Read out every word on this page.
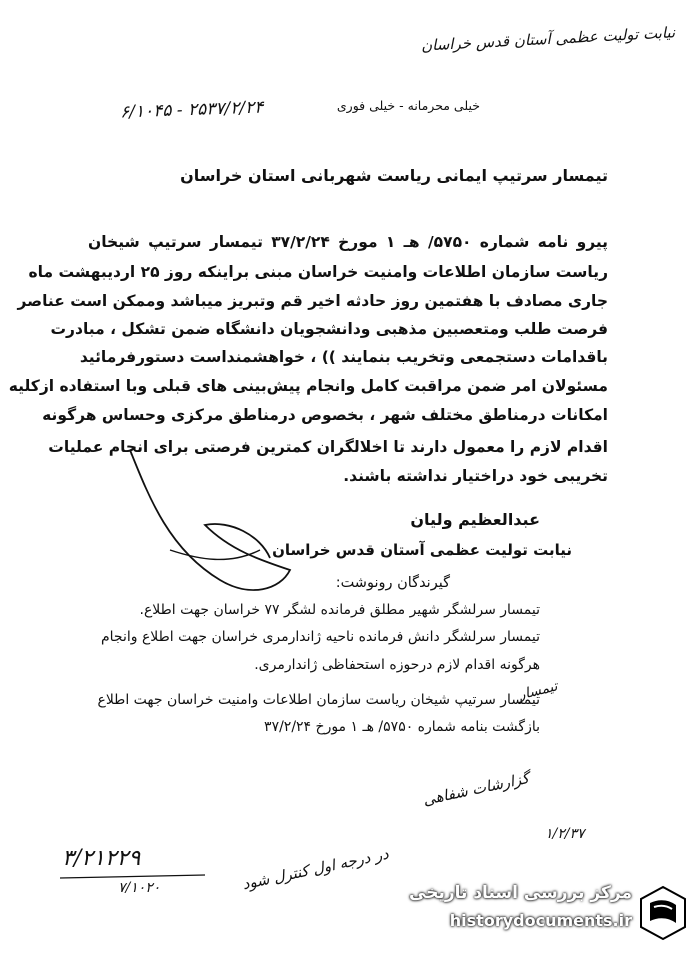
نیابت تولیت عظمی آستان قدس خراسان
خیلی محرمانه - خیلی فوری
۲۵۳۷/۲/۲۴ - ۶/۱۰۴۵
تیمسار سرتیپ ایمانی ریاست شهربانی استان خراسان
پیرو نامه شماره ۵۷۵۰/ هـ ۱ مورخ ۳۷/۲/۲۴ تیمسار سرتیپ شیخان
ریاست سازمان اطلاعات وامنیت خراسان مبنی براینکه روز ۲۵ اردیبهشت ماه
جاری مصادف با هفتمین روز حادثه اخیر قم وتبریز میباشد وممکن است عناصر
فرصت طلب ومتعصبین مذهبی ودانشجویان دانشگاه ضمن تشکل ، مبادرت
باقدامات دستجمعی وتخریب بنمایند )) ، خواهشمنداست دستورفرمائید
مسئولان امر ضمن مراقبت کامل وانجام پیش‌بینی های قبلی وبا استفاده ازکلیه
امکانات درمناطق مختلف شهر ، بخصوص درمناطق مرکزی وحساس هرگونه
اقدام لازم را معمول دارند تا اخلالگران کمترین فرصتی برای انجام عملیات
تخریبی خود دراختیار نداشته باشند.
عبدالعظیم ولیان
نیابت تولیت عظمی آستان قدس خراسان
گیرندگان رونوشت:
تیمسار سرلشگر شهیر مطلق فرمانده لشگر ۷۷ خراسان جهت اطلاع.
تیمسار سرلشگر دانش فرمانده ناحیه ژاندارمری خراسان جهت اطلاع وانجام
هرگونه اقدام لازم درحوزه استحفاظی ژاندارمری.
تیمسار سرتیپ شیخان ریاست سازمان اطلاعات وامنیت خراسان جهت اطلاع
بازگشت بنامه شماره ۵۷۵۰/ هـ ۱ مورخ ۳۷/۲/۲۴
تیمسار
گزارشات شفاهی
۱/۲/۳۷
در درجه اول کنترل شود
۳/۲۱۲۲۹
۷/۱۰۲۰	مرکز بررسی اسناد تاریخی
historydocuments.ir
